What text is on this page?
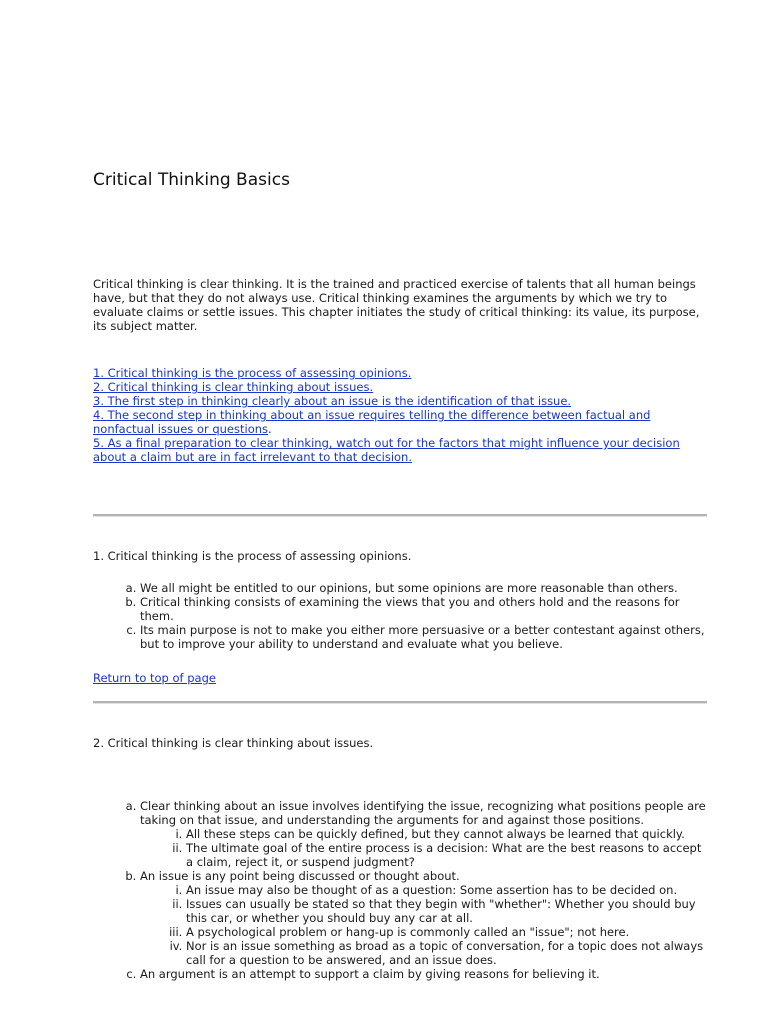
Critical Thinking Basics

Critical thinking is clear thinking. It is the trained and practiced exercise of talents that all human beings have, but that they do not always use. Critical thinking examines the arguments by which we try to evaluate claims or settle issues. This chapter initiates the study of critical thinking: its value, its purpose, its subject matter.

1. Critical thinking is the process of assessing opinions.
2. Critical thinking is clear thinking about issues.
3. The first step in thinking clearly about an issue is the identification of that issue.
4. The second step in thinking about an issue requires telling the difference between factual and nonfactual issues or questions.
5. As a final preparation to clear thinking, watch out for the factors that might influence your decision about a claim but are in fact irrelevant to that decision.

1. Critical thinking is the process of assessing opinions.

a. We all might be entitled to our opinions, but some opinions are more reasonable than others.
b. Critical thinking consists of examining the views that you and others hold and the reasons for them.
c. Its main purpose is not to make you either more persuasive or a better contestant against others, but to improve your ability to understand and evaluate what you believe.
Return to top of page

2. Critical thinking is clear thinking about issues.

a. Clear thinking about an issue involves identifying the issue, recognizing what positions people are taking on that issue, and understanding the arguments for and against those positions.
i. All these steps can be quickly defined, but they cannot always be learned that quickly.
ii. The ultimate goal of the entire process is a decision: What are the best reasons to accept a claim, reject it, or suspend judgment?
b. An issue is any point being discussed or thought about.
i. An issue may also be thought of as a question: Some assertion has to be decided on.
ii. Issues can usually be stated so that they begin with "whether": Whether you should buy this car, or whether you should buy any car at all.
iii. A psychological problem or hang-up is commonly called an "issue"; not here.
iv. Nor is an issue something as broad as a topic of conversation, for a topic does not always call for a question to be answered, and an issue does.
c. An argument is an attempt to support a claim by giving reasons for believing it.
